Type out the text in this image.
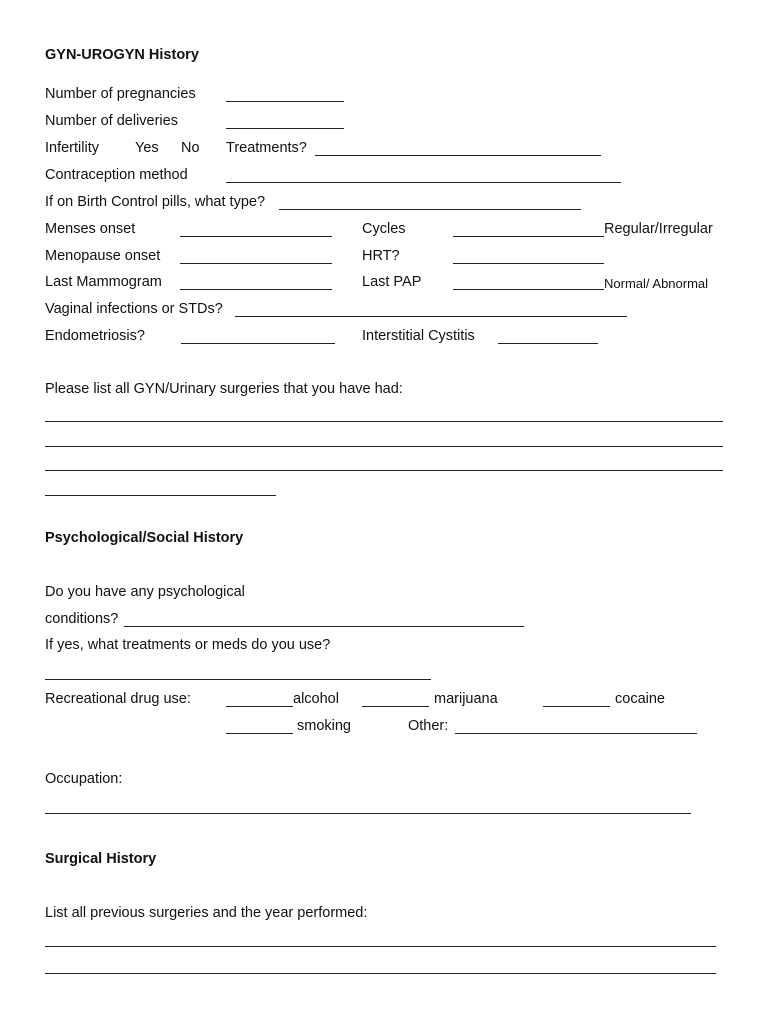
GYN-UROGYN History
Number of pregnancies
Number of deliveries
Infertility Yes No Treatments?
Contraception method
If on Birth Control pills, what type?
Menses onset	Cycles	Regular/Irregular
Menopause onset	HRT?
Last Mammogram	Last PAP	Normal/ Abnormal
Vaginal infections or STDs?
Endometriosis?	Interstitial Cystitis
Please list all GYN/Urinary surgeries that you have had:
Psychological/Social History
Do you have any psychological
conditions?
If yes, what treatments or meds do you use?
Recreational drug use:	alcohol	marijuana	cocaine
smoking	Other:
Occupation:
Surgical History
List all previous surgeries and the year performed:
